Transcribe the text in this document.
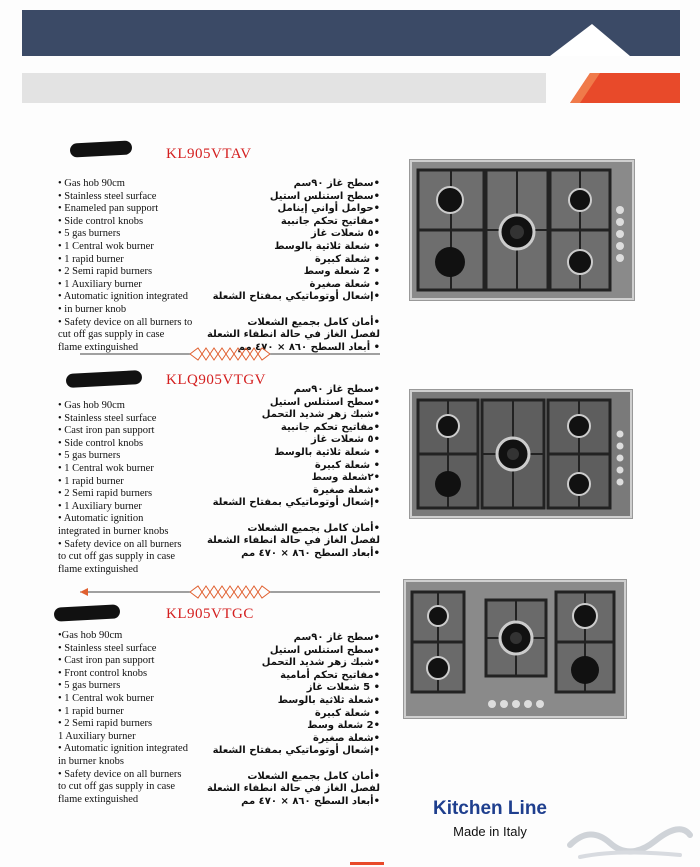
KL905VTAV
• Gas hob 90cm
• Stainless steel surface
• Enameled pan support
• Side control knobs
• 5 gas burners
• 1 Central wok burner
• 1 rapid burner
• 2 Semi rapid burners
• 1 Auxiliary burner
• Automatic ignition integrated
• in burner knob
• Safety device on all burners to
cut off gas supply in case
flame extinguished
•سطح غاز ٩٠سم
•سطح استنلس استيل
•حوامل أواني إينامل
•مفاتيح تحكم جانبية
•٥ شعلات غاز
• شعلة ثلاثية بالوسط
• شعلة كبيرة
• 2 شعلة وسط
• شعلة صغيرة
•إشعال أوتوماتيكي بمفتاح الشعلة

•أمان كامل بجميع الشعلات
لفصل الغاز في حالة انطفاء الشعلة
• أبعاد السطح ٨٦٠ × ٤٧٠ مم
KLQ905VTGV
• Gas hob 90cm
• Stainless steel surface
• Cast iron pan support
• Side control knobs
• 5 gas burners
• 1 Central wok burner
• 1 rapid burner
• 2 Semi rapid burners
• 1 Auxiliary burner
• Automatic ignition
integrated in burner knobs
• Safety device on all burners
to cut off gas supply in case
flame extinguished
•سطح غاز ٩٠سم
•سطح استنلس استيل
•شبك زهر شديد التحمل
•مفاتيح تحكم جانبية
•٥ شعلات غاز
• شعلة ثلاثية بالوسط
• شعلة كبيرة
•٢شعلة وسط
•شعلة صغيرة
•إشعال أوتوماتيكي بمفتاح الشعلة

•أمان كامل بجميع الشعلات
لفصل الغاز في حالة انطفاء الشعلة
•أبعاد السطح ٨٦٠ × ٤٧٠ مم
KL905VTGC
•Gas hob 90cm
• Stainless steel surface
• Cast iron pan support
• Front control knobs
• 5 gas burners
• 1 Central wok burner
• 1 rapid burner
• 2 Semi rapid burners
1 Auxiliary burner
• Automatic ignition integrated
in burner knobs
• Safety device on all burners
to cut off gas supply in case
flame extinguished
•سطح غاز ٩٠سم
•سطح استنلس استيل
•شبك زهر شديد التحمل
•مفاتيح تحكم أمامية
• 5 شعلات غاز
•شعلة ثلاثية بالوسط
• شعلة كبيرة
•2 شعلة وسط
•شعلة صغيرة
•إشعال أوتوماتيكي بمفتاح الشعلة

•أمان كامل بجميع الشعلات
لفصل الغاز في حالة انطفاء الشعلة
•أبعاد السطح ٨٦٠ × ٤٧٠ مم	Kitchen Line
Made in Italy
